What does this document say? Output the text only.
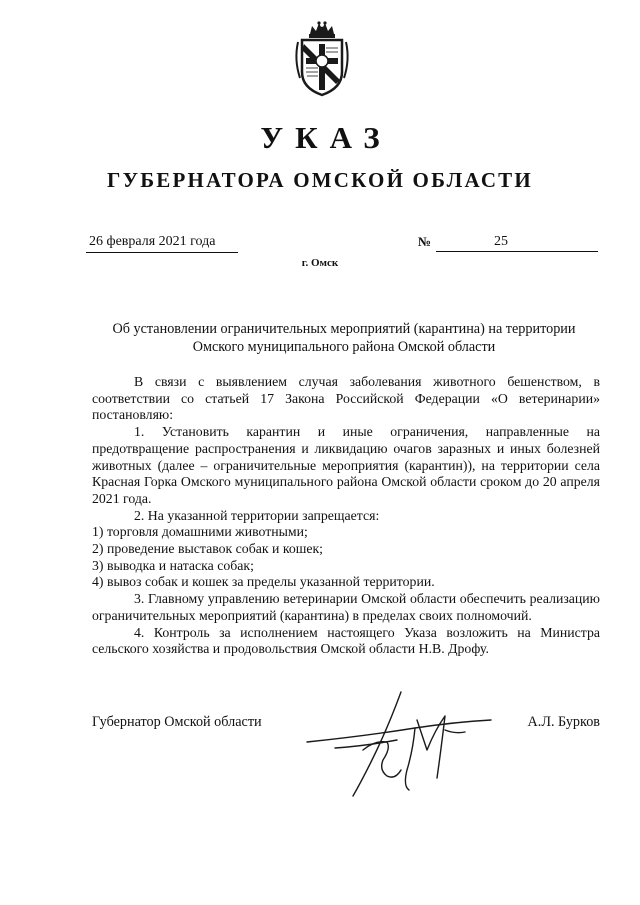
УКАЗ
ГУБЕРНАТОРА ОМСКОЙ ОБЛАСТИ
26 февраля 2021 года	№	25
г. Омск
Об установлении ограничительных мероприятий (карантина) на территории
Омского муниципального района Омской области

В связи с выявлением случая заболевания животного бешенством, в соответствии со статьей 17 Закона Российской Федерации «О ветеринарии» постановляю:

1. Установить карантин и иные ограничения, направленные на предотвращение распространения и ликвидацию очагов заразных и иных болезней животных (далее – ограничительные мероприятия (карантин)), на территории села Красная Горка Омского муниципального района Омской области сроком до 20 апреля 2021 года.

2. На указанной территории запрещается:

1) торговля домашними животными;

2) проведение выставок собак и кошек;

3) выводка и натаска собак;

4) вывоз собак и кошек за пределы указанной территории.

3. Главному управлению ветеринарии Омской области обеспечить реализацию ограничительных мероприятий (карантина) в пределах своих полномочий.

4. Контроль за исполнением настоящего Указа возложить на Министра сельского хозяйства и продовольствия Омской области Н.В. Дрофу.

Губернатор Омской области	А.Л. Бурков
